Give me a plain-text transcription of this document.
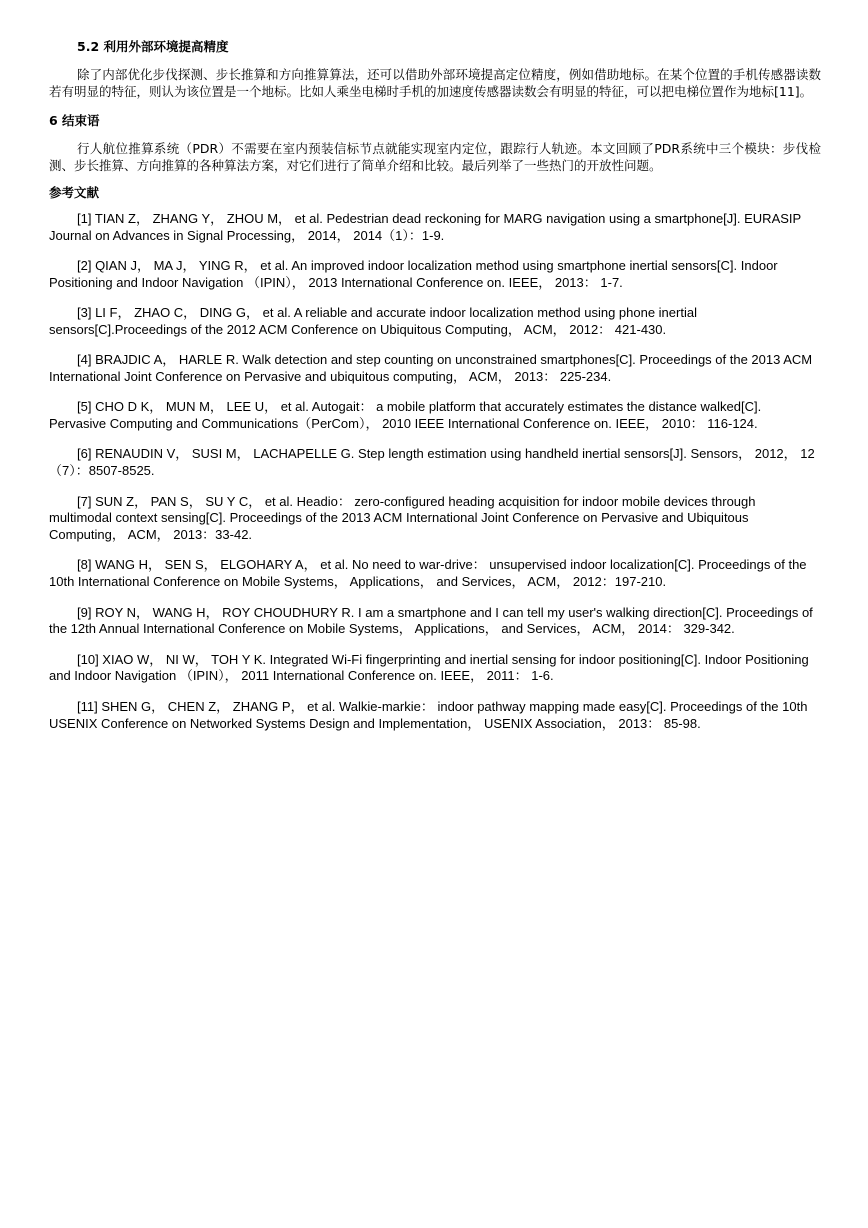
5.2 利用外部环境提高精度

除了内部优化步伐探测、步长推算和方向推算算法，还可以借助外部环境提高定位精度，例如借助地标。在某个位置的手机传感器读数若有明显的特征，则认为该位置是一个地标。比如人乘坐电梯时手机的加速度传感器读数会有明显的特征，可以把电梯位置作为地标[11]。

6 结束语

行人航位推算系统（PDR）不需要在室内预装信标节点就能实现室内定位，跟踪行人轨迹。本文回顾了PDR系统中三个模块：步伐检测、步长推算、方向推算的各种算法方案，对它们进行了简单介绍和比较。最后列举了一些热门的开放性问题。

参考文献

[1] TIAN Z， ZHANG Y， ZHOU M， et al. Pedestrian dead reckoning for MARG navigation using a smartphone[J]. EURASIP Journal on Advances in Signal Processing， 2014， 2014（1）：1-9.

[2] QIAN J， MA J， YING R， et al. An improved indoor localization method using smartphone inertial sensors[C]. Indoor Positioning and Indoor Navigation （IPIN）， 2013 International Conference on. IEEE， 2013： 1-7.

[3] LI F， ZHAO C， DING G， et al. A reliable and accurate indoor localization method using phone inertial sensors[C].Proceedings of the 2012 ACM Conference on Ubiquitous Computing， ACM， 2012： 421-430.

[4] BRAJDIC A， HARLE R. Walk detection and step counting on unconstrained smartphones[C]. Proceedings of the 2013 ACM International Joint Conference on Pervasive and ubiquitous computing， ACM， 2013： 225-234.

[5] CHO D K， MUN M， LEE U， et al. Autogait： a mobile platform that accurately estimates the distance walked[C]. Pervasive Computing and Communications（PerCom）， 2010 IEEE International Conference on. IEEE， 2010： 116-124.

[6] RENAUDIN V， SUSI M， LACHAPELLE G. Step length estimation using handheld inertial sensors[J]. Sensors， 2012， 12（7）：8507-8525.

[7] SUN Z， PAN S， SU Y C， et al. Headio： zero-configured heading acquisition for indoor mobile devices through multimodal context sensing[C]. Proceedings of the 2013 ACM International Joint Conference on Pervasive and Ubiquitous Computing， ACM， 2013：33-42.

[8] WANG H， SEN S， ELGOHARY A， et al. No need to war-drive： unsupervised indoor localization[C]. Proceedings of the 10th International Conference on Mobile Systems， Applications， and Services， ACM， 2012：197-210.

[9] ROY N， WANG H， ROY CHOUDHURY R. I am a smartphone and I can tell my user's walking direction[C]. Proceedings of the 12th Annual International Conference on Mobile Systems， Applications， and Services， ACM， 2014： 329-342.

[10] XIAO W， NI W， TOH Y K. Integrated Wi-Fi fingerprinting and inertial sensing for indoor positioning[C]. Indoor Positioning and Indoor Navigation （IPIN）， 2011 International Conference on. IEEE， 2011： 1-6.

[11] SHEN G， CHEN Z， ZHANG P， et al. Walkie-markie： indoor pathway mapping made easy[C]. Proceedings of the 10th USENIX Conference on Networked Systems Design and Implementation， USENIX Association， 2013： 85-98.
